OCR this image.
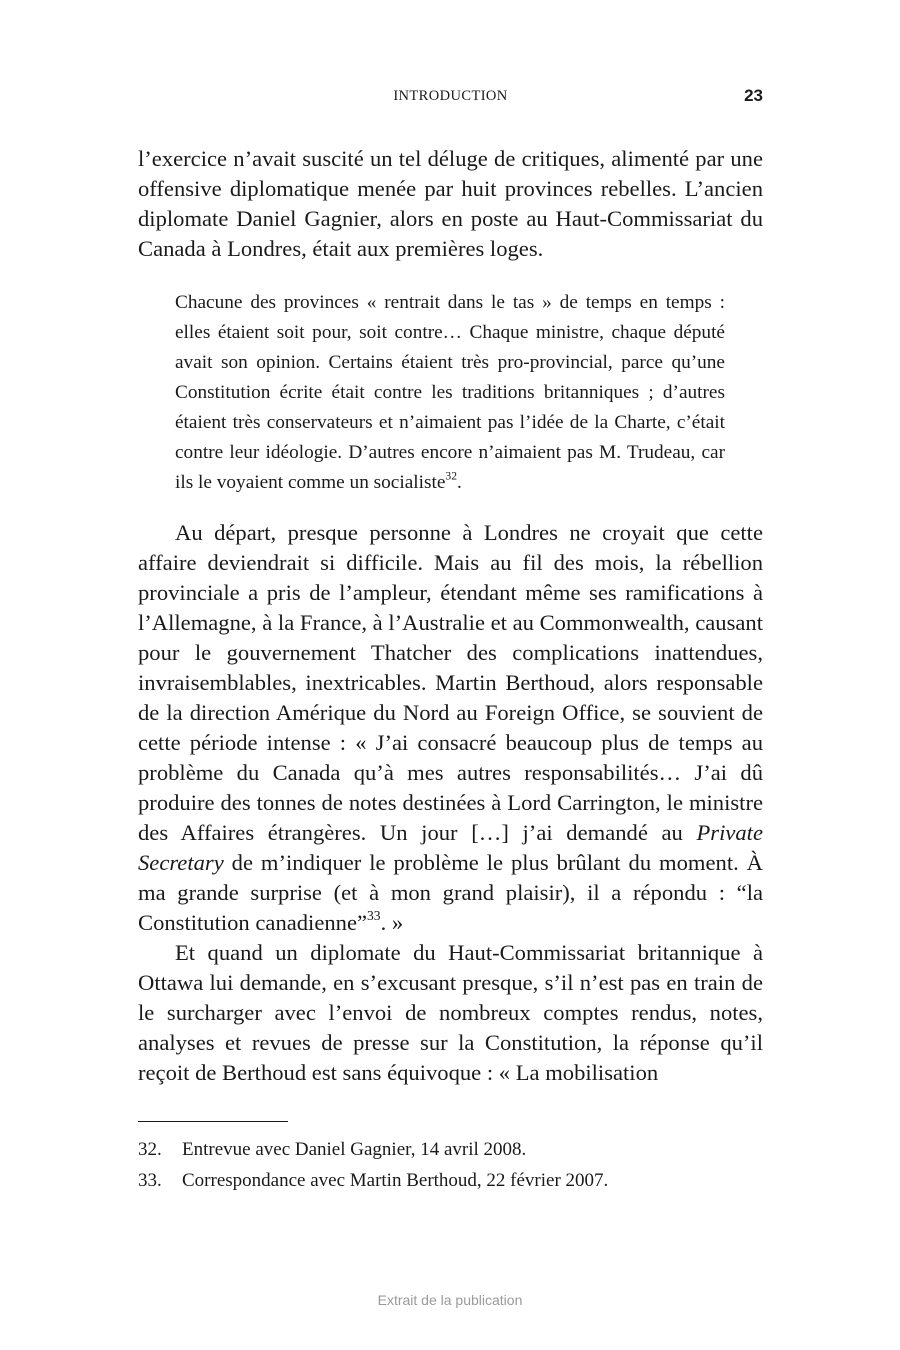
INTRODUCTION	23

l’exercice n’avait suscité un tel déluge de critiques, alimenté par une offensive diplomatique menée par huit provinces rebelles. L’ancien diplomate Daniel Gagnier, alors en poste au Haut-Commissariat du Canada à Londres, était aux premières loges.

Chacune des provinces « rentrait dans le tas » de temps en temps : elles étaient soit pour, soit contre… Chaque ministre, chaque député avait son opinion. Certains étaient très pro-provincial, parce qu’une Constitution écrite était contre les traditions britanniques ; d’autres étaient très conservateurs et n’aimaient pas l’idée de la Charte, c’était contre leur idéologie. D’autres encore n’aimaient pas M. Trudeau, car ils le voyaient comme un socialiste$^{32}$.

Au départ, presque personne à Londres ne croyait que cette affaire deviendrait si difficile. Mais au fil des mois, la rébellion provinciale a pris de l’ampleur, étendant même ses ramifications à l’Allemagne, à la France, à l’Australie et au Commonwealth, causant pour le gouvernement Thatcher des complications inattendues, invraisemblables, inextricables. Martin Berthoud, alors responsable de la direction Amérique du Nord au Foreign Office, se souvient de cette période intense : « J’ai consacré beaucoup plus de temps au problème du Canada qu’à mes autres responsabilités… J’ai dû produire des tonnes de notes destinées à Lord Carrington, le ministre des Affaires étrangères. Un jour […] j’ai demandé au Private Secretary de m’indiquer le problème le plus brûlant du moment. À ma grande surprise (et à mon grand plaisir), il a répondu : “la Constitution canadienne”$^{33}$. »

Et quand un diplomate du Haut-Commissariat britannique à Ottawa lui demande, en s’excusant presque, s’il n’est pas en train de le surcharger avec l’envoi de nombreux comptes rendus, notes, analyses et revues de presse sur la Constitution, la réponse qu’il reçoit de Berthoud est sans équivoque : « La mobilisation

32.	Entrevue avec Daniel Gagnier, 14 avril 2008.
33.	Correspondance avec Martin Berthoud, 22 février 2007.
Extrait de la publication
